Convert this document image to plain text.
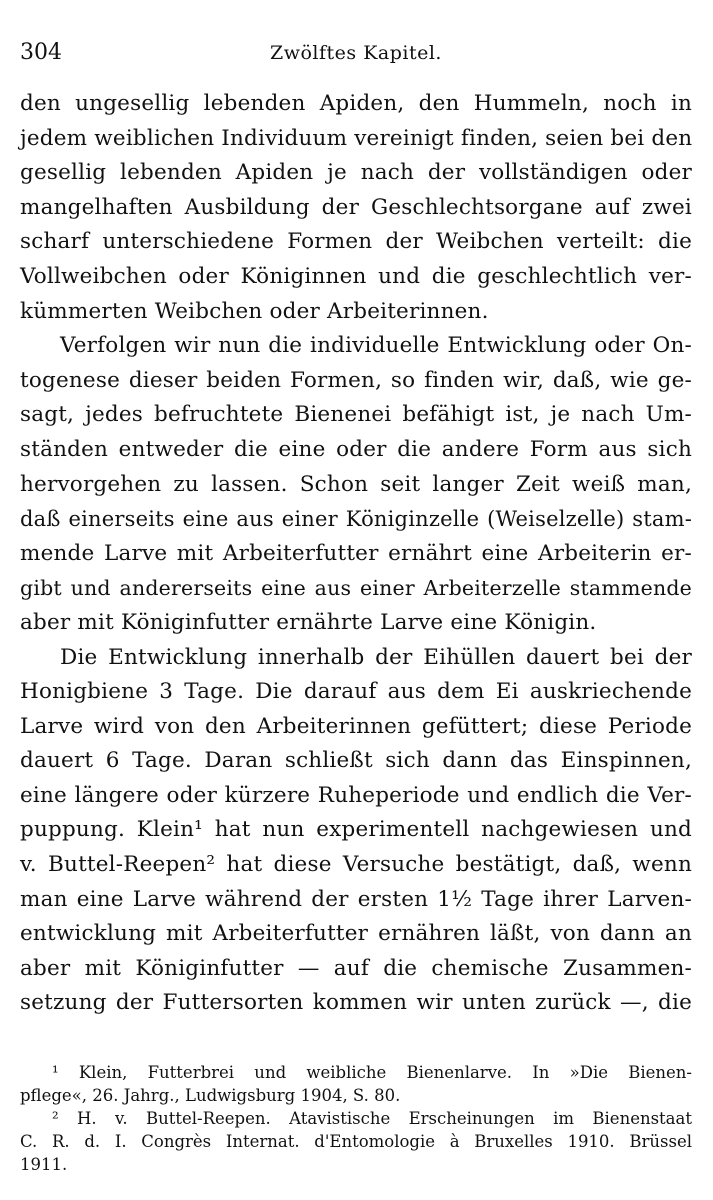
304	Zwölftes Kapitel.
den ungesellig lebenden Apiden, den Hummeln, noch in
jedem weiblichen Individuum vereinigt finden, seien bei den
gesellig lebenden Apiden je nach der vollständigen oder
mangelhaften Ausbildung der Geschlechtsorgane auf zwei
scharf unterschiedene Formen der Weibchen verteilt: die
Vollweibchen oder Königinnen und die geschlechtlich ver-
kümmerten Weibchen oder Arbeiterinnen.
Verfolgen wir nun die individuelle Entwicklung oder On-
togenese dieser beiden Formen, so finden wir, daß, wie ge-
sagt, jedes befruchtete Bienenei befähigt ist, je nach Um-
ständen entweder die eine oder die andere Form aus sich
hervorgehen zu lassen. Schon seit langer Zeit weiß man,
daß einerseits eine aus einer Königinzelle (Weiselzelle) stam-
mende Larve mit Arbeiterfutter ernährt eine Arbeiterin er-
gibt und andererseits eine aus einer Arbeiterzelle stammende
aber mit Königinfutter ernährte Larve eine Königin.
Die Entwicklung innerhalb der Eihüllen dauert bei der
Honigbiene 3 Tage. Die darauf aus dem Ei auskriechende
Larve wird von den Arbeiterinnen gefüttert; diese Periode
dauert 6 Tage. Daran schließt sich dann das Einspinnen,
eine längere oder kürzere Ruheperiode und endlich die Ver-
puppung. Klein¹ hat nun experimentell nachgewiesen und
v. Buttel-Reepen² hat diese Versuche bestätigt, daß, wenn
man eine Larve während der ersten 1½ Tage ihrer Larven-
entwicklung mit Arbeiterfutter ernähren läßt, von dann an
aber mit Königinfutter — auf die chemische Zusammen-
setzung der Futtersorten kommen wir unten zurück —, die
¹ Klein, Futterbrei und weibliche Bienenlarve. In »Die Bienen-
pflege«, 26. Jahrg., Ludwigsburg 1904, S. 80.
² H. v. Buttel-Reepen. Atavistische Erscheinungen im Bienenstaat
C. R. d. I. Congrès Internat. d'Entomologie à Bruxelles 1910. Brüssel
1911.
